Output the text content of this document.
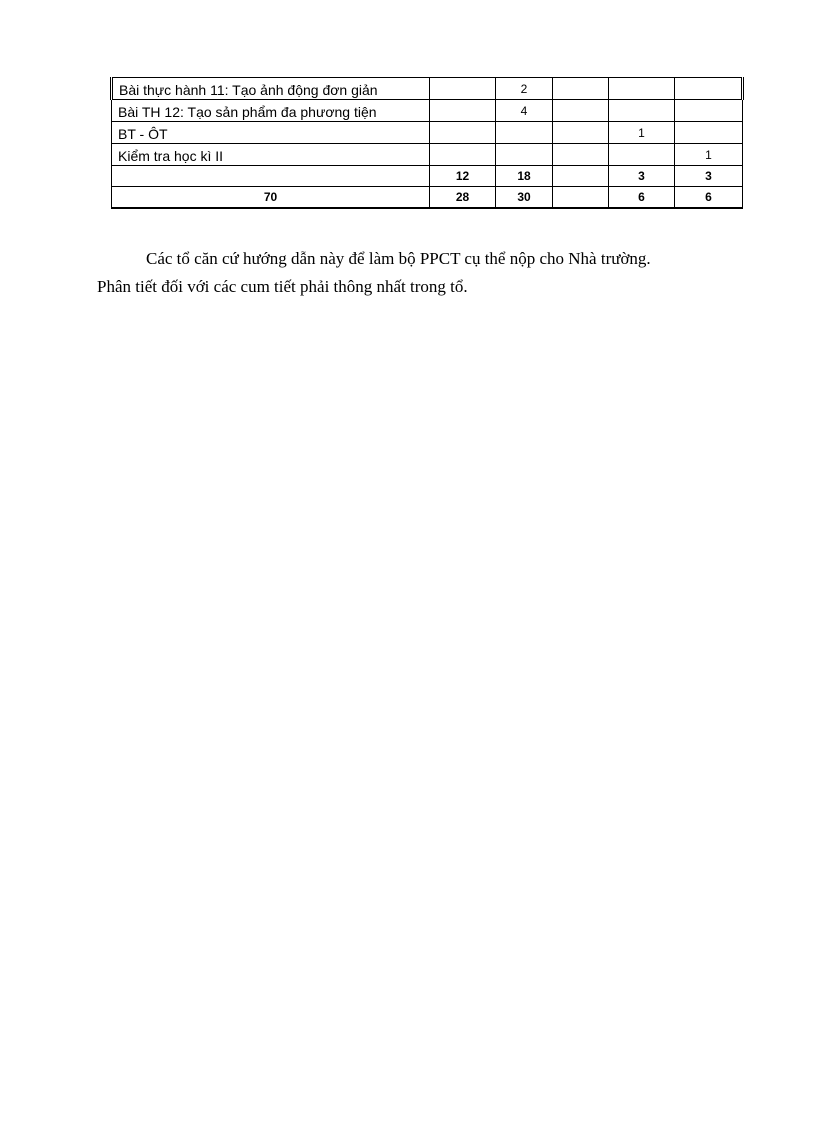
Bài thực hành 11: Tạo ảnh động đơn giản		2			
Bài TH 12: Tạo sản phẩm đa phương tiện		4			
BT - ÔT				1	
Kiểm tra học kì II					1
	12	18		3	3
70	28	30		6	6
Các tổ căn cứ hướng dẫn này để làm bộ PPCT cụ thể nộp cho Nhà trường.
Phân tiết đối với các cum tiết phải thông nhất trong tổ.
